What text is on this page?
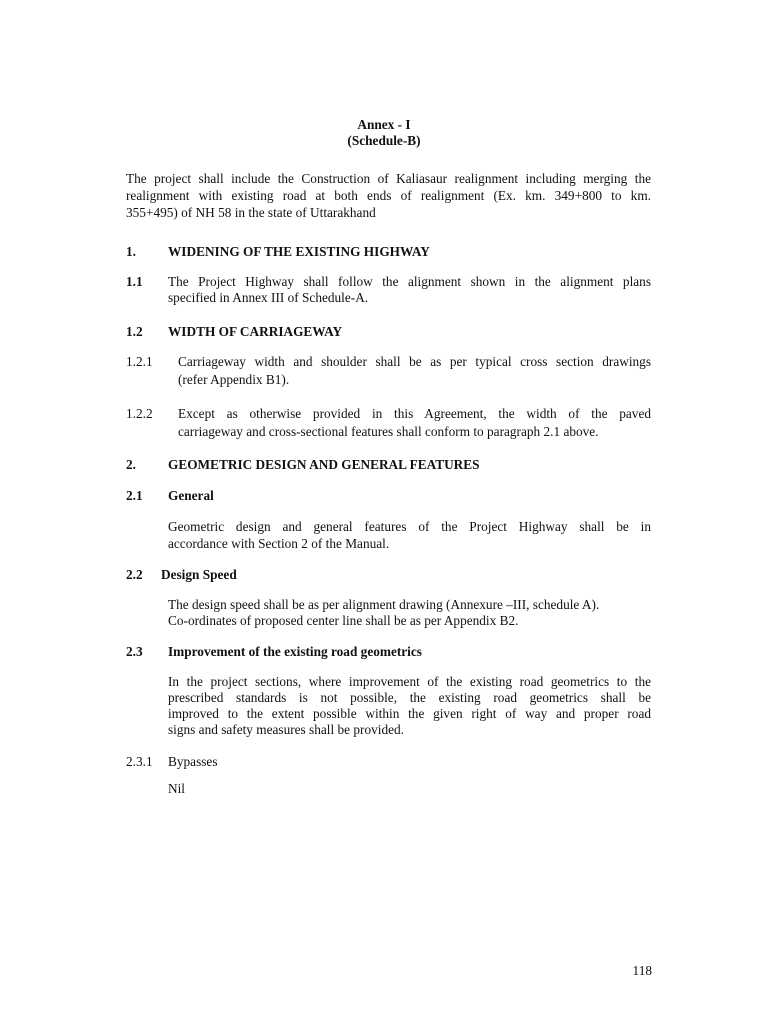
Annex - I
(Schedule-B)
The project shall include the Construction of Kaliasaur realignment including merging the
realignment with existing road at both ends of realignment (Ex. km. 349+800 to km.
355+495) of NH 58 in the state of Uttarakhand
1. WIDENING OF THE EXISTING HIGHWAY
1.1 The Project Highway shall follow the alignment shown in the alignment plans
specified in Annex III of Schedule-A.
1.2 WIDTH OF CARRIAGEWAY
1.2.1 Carriageway width and shoulder shall be as per typical cross section drawings
(refer Appendix B1).
1.2.2 Except as otherwise provided in this Agreement, the width of the paved
carriageway and cross-sectional features shall conform to paragraph 2.1 above.
2. GEOMETRIC DESIGN AND GENERAL FEATURES
2.1 General
Geometric design and general features of the Project Highway shall be in
accordance with Section 2 of the Manual.
2.2 Design Speed
The design speed shall be as per alignment drawing (Annexure –III, schedule A).
Co-ordinates of proposed center line shall be as per Appendix B2.
2.3 Improvement of the existing road geometrics
In the project sections, where improvement of the existing road geometrics to the
prescribed standards is not possible, the existing road geometrics shall be
improved to the extent possible within the given right of way and proper road
signs and safety measures shall be provided.
2.3.1 Bypasses
Nil
118
